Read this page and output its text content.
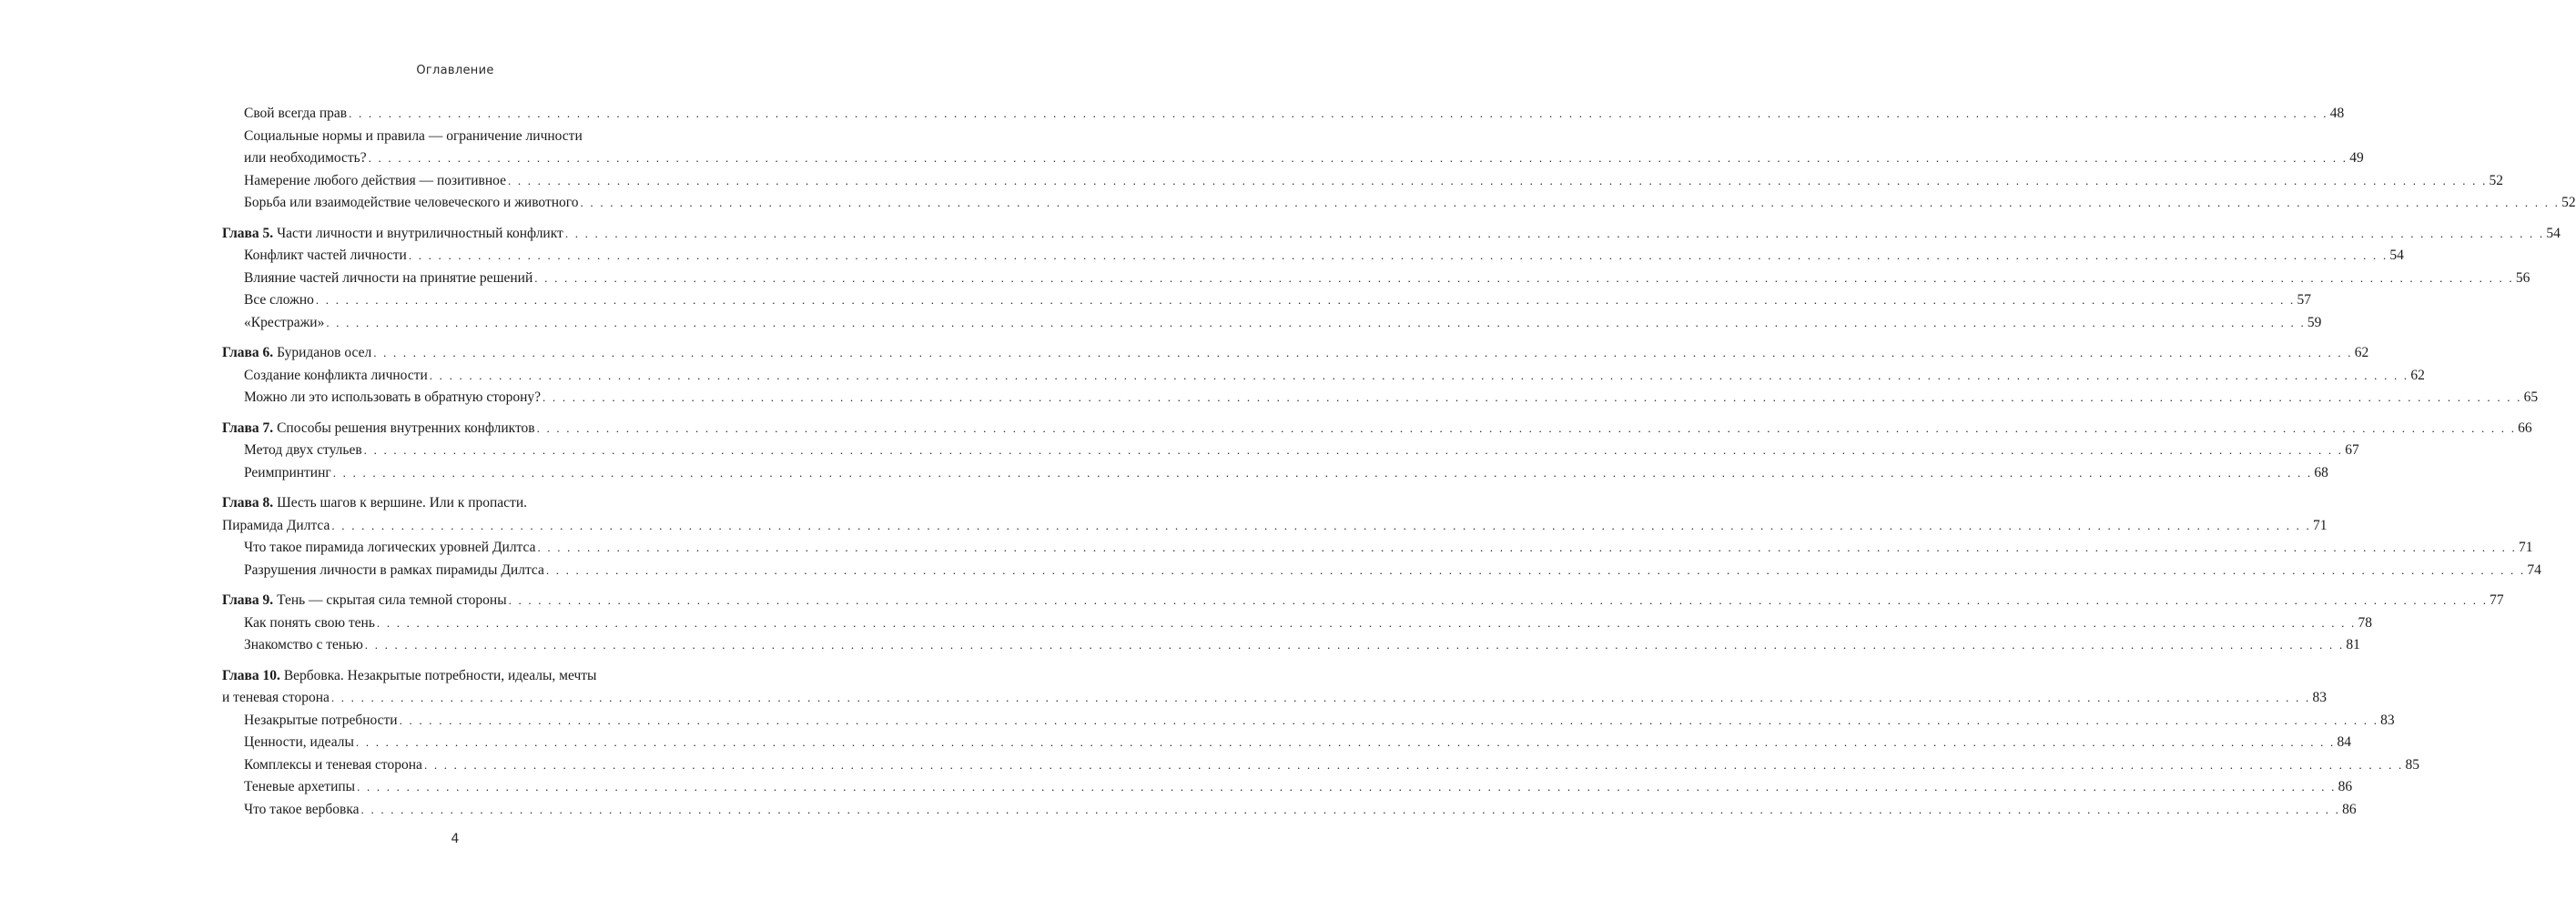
Оглавление
Свой всегда прав . . . . . . . . . . . . . . . . . . . . . . . . . . . . . . . . . . . . . . . . . . . . . . . . . . . . . . . . . . . . . . . . . . . . . . . . . . . . . . . . . . . . . . . . . . . . . . . . . . . . . . . . . . . . . . . . . . . . . . . . . . . . . . . . . . . . . . . . . . . . . . . . . . . . . . . . . . . . . . . . . . . . . . . . . . . . . . . . . . . . . . . . . . . . . . . . . . . . . . . . 48
Социальные нормы и правила — ограничение личности
или необходимость? . . . . . . . . . . . . . . . . . . . . . . . . . . . . . . . . . . . . . . . . . . . . . . . . . . . . . . . . . . . . . . . . . . . . . . . . . . . . . . . . . . . . . . . . . . . . . . . . . . . . . . . . . . . . . . . . . . . . . . . . . . . . . . . . . . . . . . . . . . . . . . . . . . . . . . . . . . . . . . . . . . . . . . . . . . . . . . . . . . . . . . . . . . . . . . . . . . . . . . . . 49
Намерение любого действия — позитивное . . . . . . . . . . . . . . . . . . . . . . . . . . . . . . . . . . . . . . . . . . . . . . . . . . . . . . . . . . . . . . . . . . . . . . . . . . . . . . . . . . . . . . . . . . . . . . . . . . . . . . . . . . . . . . . . . . . . . . . . . . . . . . . . . . . . . . . . . . . . . . . . . . . . . . . . . . . . . . . . . . . . . . . . . . . . . . . . . . . . . . . . . . . . . . . . . . . . . . . . 52
Борьба или взаимодействие человеческого и животного . . . . . . . . . . . . . . . . . . . . . . . . . . . . . . . . . . . . . . . . . . . . . . . . . . . . . . . . . . . . . . . . . . . . . . . . . . . . . . . . . . . . . . . . . . . . . . . . . . . . . . . . . . . . . . . . . . . . . . . . . . . . . . . . . . . . . . . . . . . . . . . . . . . . . . . . . . . . . . . . . . . . . . . . . . . . . . . . . . . . . . . . . . . . . . . . . . . . . . . . 52
Глава 5. Части личности и внутриличностный конфликт . . . . . . . . . . . . . . . . . . . . . . . . . . . . . . . . . . . . . . . . . . . . . . . . . . . . . . . . . . . . . . . . . . . . . . . . . . . . . . . . . . . . . . . . . . . . . . . . . . . . . . . . . . . . . . . . . . . . . . . . . . . . . . . . . . . . . . . . . . . . . . . . . . . . . . . . . . . . . . . . . . . . . . . . . . . . . . . . . . . . . . . . . . . . . . . . . . . . . . . . 54
Конфликт частей личности . . . . . . . . . . . . . . . . . . . . . . . . . . . . . . . . . . . . . . . . . . . . . . . . . . . . . . . . . . . . . . . . . . . . . . . . . . . . . . . . . . . . . . . . . . . . . . . . . . . . . . . . . . . . . . . . . . . . . . . . . . . . . . . . . . . . . . . . . . . . . . . . . . . . . . . . . . . . . . . . . . . . . . . . . . . . . . . . . . . . . . . . . . . . . . . . . . . . . . . . 54
Влияние частей личности на принятие решений . . . . . . . . . . . . . . . . . . . . . . . . . . . . . . . . . . . . . . . . . . . . . . . . . . . . . . . . . . . . . . . . . . . . . . . . . . . . . . . . . . . . . . . . . . . . . . . . . . . . . . . . . . . . . . . . . . . . . . . . . . . . . . . . . . . . . . . . . . . . . . . . . . . . . . . . . . . . . . . . . . . . . . . . . . . . . . . . . . . . . . . . . . . . . . . . . . . . . . . . 56
Все сложно . . . . . . . . . . . . . . . . . . . . . . . . . . . . . . . . . . . . . . . . . . . . . . . . . . . . . . . . . . . . . . . . . . . . . . . . . . . . . . . . . . . . . . . . . . . . . . . . . . . . . . . . . . . . . . . . . . . . . . . . . . . . . . . . . . . . . . . . . . . . . . . . . . . . . . . . . . . . . . . . . . . . . . . . . . . . . . . . . . . . . . . . . . . . . . . . . . . . . . . . 57
«Крестражи» . . . . . . . . . . . . . . . . . . . . . . . . . . . . . . . . . . . . . . . . . . . . . . . . . . . . . . . . . . . . . . . . . . . . . . . . . . . . . . . . . . . . . . . . . . . . . . . . . . . . . . . . . . . . . . . . . . . . . . . . . . . . . . . . . . . . . . . . . . . . . . . . . . . . . . . . . . . . . . . . . . . . . . . . . . . . . . . . . . . . . . . . . . . . . . . . . . . . . . . . 59
Глава 6. Буриданов осел . . . . . . . . . . . . . . . . . . . . . . . . . . . . . . . . . . . . . . . . . . . . . . . . . . . . . . . . . . . . . . . . . . . . . . . . . . . . . . . . . . . . . . . . . . . . . . . . . . . . . . . . . . . . . . . . . . . . . . . . . . . . . . . . . . . . . . . . . . . . . . . . . . . . . . . . . . . . . . . . . . . . . . . . . . . . . . . . . . . . . . . . . . . . . . . . . . . . . . . . 62
Создание конфликта личности . . . . . . . . . . . . . . . . . . . . . . . . . . . . . . . . . . . . . . . . . . . . . . . . . . . . . . . . . . . . . . . . . . . . . . . . . . . . . . . . . . . . . . . . . . . . . . . . . . . . . . . . . . . . . . . . . . . . . . . . . . . . . . . . . . . . . . . . . . . . . . . . . . . . . . . . . . . . . . . . . . . . . . . . . . . . . . . . . . . . . . . . . . . . . . . . . . . . . . . . 62
Можно ли это использовать в обратную сторону? . . . . . . . . . . . . . . . . . . . . . . . . . . . . . . . . . . . . . . . . . . . . . . . . . . . . . . . . . . . . . . . . . . . . . . . . . . . . . . . . . . . . . . . . . . . . . . . . . . . . . . . . . . . . . . . . . . . . . . . . . . . . . . . . . . . . . . . . . . . . . . . . . . . . . . . . . . . . . . . . . . . . . . . . . . . . . . . . . . . . . . . . . . . . . . . . . . . . . . . . 65
Глава 7. Способы решения внутренних конфликтов . . . . . . . . . . . . . . . . . . . . . . . . . . . . . . . . . . . . . . . . . . . . . . . . . . . . . . . . . . . . . . . . . . . . . . . . . . . . . . . . . . . . . . . . . . . . . . . . . . . . . . . . . . . . . . . . . . . . . . . . . . . . . . . . . . . . . . . . . . . . . . . . . . . . . . . . . . . . . . . . . . . . . . . . . . . . . . . . . . . . . . . . . . . . . . . . . . . . . . . . 66
Метод двух стульев . . . . . . . . . . . . . . . . . . . . . . . . . . . . . . . . . . . . . . . . . . . . . . . . . . . . . . . . . . . . . . . . . . . . . . . . . . . . . . . . . . . . . . . . . . . . . . . . . . . . . . . . . . . . . . . . . . . . . . . . . . . . . . . . . . . . . . . . . . . . . . . . . . . . . . . . . . . . . . . . . . . . . . . . . . . . . . . . . . . . . . . . . . . . . . . . . . . . . . . . 67
Реимпринтинг . . . . . . . . . . . . . . . . . . . . . . . . . . . . . . . . . . . . . . . . . . . . . . . . . . . . . . . . . . . . . . . . . . . . . . . . . . . . . . . . . . . . . . . . . . . . . . . . . . . . . . . . . . . . . . . . . . . . . . . . . . . . . . . . . . . . . . . . . . . . . . . . . . . . . . . . . . . . . . . . . . . . . . . . . . . . . . . . . . . . . . . . . . . . . . . . . . . . . . . . 68
Глава 8. Шесть шагов к вершине. Или к пропасти.
Пирамида Дилтса . . . . . . . . . . . . . . . . . . . . . . . . . . . . . . . . . . . . . . . . . . . . . . . . . . . . . . . . . . . . . . . . . . . . . . . . . . . . . . . . . . . . . . . . . . . . . . . . . . . . . . . . . . . . . . . . . . . . . . . . . . . . . . . . . . . . . . . . . . . . . . . . . . . . . . . . . . . . . . . . . . . . . . . . . . . . . . . . . . . . . . . . . . . . . . . . . . . . . . . . 71
Что такое пирамида логических уровней Дилтса . . . . . . . . . . . . . . . . . . . . . . . . . . . . . . . . . . . . . . . . . . . . . . . . . . . . . . . . . . . . . . . . . . . . . . . . . . . . . . . . . . . . . . . . . . . . . . . . . . . . . . . . . . . . . . . . . . . . . . . . . . . . . . . . . . . . . . . . . . . . . . . . . . . . . . . . . . . . . . . . . . . . . . . . . . . . . . . . . . . . . . . . . . . . . . . . . . . . . . . . 71
Разрушения личности в рамках пирамиды Дилтса . . . . . . . . . . . . . . . . . . . . . . . . . . . . . . . . . . . . . . . . . . . . . . . . . . . . . . . . . . . . . . . . . . . . . . . . . . . . . . . . . . . . . . . . . . . . . . . . . . . . . . . . . . . . . . . . . . . . . . . . . . . . . . . . . . . . . . . . . . . . . . . . . . . . . . . . . . . . . . . . . . . . . . . . . . . . . . . . . . . . . . . . . . . . . . . . . . . . . . . . 74
Глава 9. Тень — скрытая сила темной стороны . . . . . . . . . . . . . . . . . . . . . . . . . . . . . . . . . . . . . . . . . . . . . . . . . . . . . . . . . . . . . . . . . . . . . . . . . . . . . . . . . . . . . . . . . . . . . . . . . . . . . . . . . . . . . . . . . . . . . . . . . . . . . . . . . . . . . . . . . . . . . . . . . . . . . . . . . . . . . . . . . . . . . . . . . . . . . . . . . . . . . . . . . . . . . . . . . . . . . . . . 77
Как понять свою тень . . . . . . . . . . . . . . . . . . . . . . . . . . . . . . . . . . . . . . . . . . . . . . . . . . . . . . . . . . . . . . . . . . . . . . . . . . . . . . . . . . . . . . . . . . . . . . . . . . . . . . . . . . . . . . . . . . . . . . . . . . . . . . . . . . . . . . . . . . . . . . . . . . . . . . . . . . . . . . . . . . . . . . . . . . . . . . . . . . . . . . . . . . . . . . . . . . . . . . . . 78
Знакомство с тенью . . . . . . . . . . . . . . . . . . . . . . . . . . . . . . . . . . . . . . . . . . . . . . . . . . . . . . . . . . . . . . . . . . . . . . . . . . . . . . . . . . . . . . . . . . . . . . . . . . . . . . . . . . . . . . . . . . . . . . . . . . . . . . . . . . . . . . . . . . . . . . . . . . . . . . . . . . . . . . . . . . . . . . . . . . . . . . . . . . . . . . . . . . . . . . . . . . . . . . . . 81
Глава 10. Вербовка. Незакрытые потребности, идеалы, мечты
и теневая сторона . . . . . . . . . . . . . . . . . . . . . . . . . . . . . . . . . . . . . . . . . . . . . . . . . . . . . . . . . . . . . . . . . . . . . . . . . . . . . . . . . . . . . . . . . . . . . . . . . . . . . . . . . . . . . . . . . . . . . . . . . . . . . . . . . . . . . . . . . . . . . . . . . . . . . . . . . . . . . . . . . . . . . . . . . . . . . . . . . . . . . . . . . . . . . . . . . . . . . . . . 83
Незакрытые потребности . . . . . . . . . . . . . . . . . . . . . . . . . . . . . . . . . . . . . . . . . . . . . . . . . . . . . . . . . . . . . . . . . . . . . . . . . . . . . . . . . . . . . . . . . . . . . . . . . . . . . . . . . . . . . . . . . . . . . . . . . . . . . . . . . . . . . . . . . . . . . . . . . . . . . . . . . . . . . . . . . . . . . . . . . . . . . . . . . . . . . . . . . . . . . . . . . . . . . . . . 83
Ценности, идеалы . . . . . . . . . . . . . . . . . . . . . . . . . . . . . . . . . . . . . . . . . . . . . . . . . . . . . . . . . . . . . . . . . . . . . . . . . . . . . . . . . . . . . . . . . . . . . . . . . . . . . . . . . . . . . . . . . . . . . . . . . . . . . . . . . . . . . . . . . . . . . . . . . . . . . . . . . . . . . . . . . . . . . . . . . . . . . . . . . . . . . . . . . . . . . . . . . . . . . . . . 84
Комплексы и теневая сторона . . . . . . . . . . . . . . . . . . . . . . . . . . . . . . . . . . . . . . . . . . . . . . . . . . . . . . . . . . . . . . . . . . . . . . . . . . . . . . . . . . . . . . . . . . . . . . . . . . . . . . . . . . . . . . . . . . . . . . . . . . . . . . . . . . . . . . . . . . . . . . . . . . . . . . . . . . . . . . . . . . . . . . . . . . . . . . . . . . . . . . . . . . . . . . . . . . . . . . . . 85
Теневые архетипы . . . . . . . . . . . . . . . . . . . . . . . . . . . . . . . . . . . . . . . . . . . . . . . . . . . . . . . . . . . . . . . . . . . . . . . . . . . . . . . . . . . . . . . . . . . . . . . . . . . . . . . . . . . . . . . . . . . . . . . . . . . . . . . . . . . . . . . . . . . . . . . . . . . . . . . . . . . . . . . . . . . . . . . . . . . . . . . . . . . . . . . . . . . . . . . . . . . . . . . . 86
Что такое вербовка . . . . . . . . . . . . . . . . . . . . . . . . . . . . . . . . . . . . . . . . . . . . . . . . . . . . . . . . . . . . . . . . . . . . . . . . . . . . . . . . . . . . . . . . . . . . . . . . . . . . . . . . . . . . . . . . . . . . . . . . . . . . . . . . . . . . . . . . . . . . . . . . . . . . . . . . . . . . . . . . . . . . . . . . . . . . . . . . . . . . . . . . . . . . . . . . . . . . . . . . 86
4
